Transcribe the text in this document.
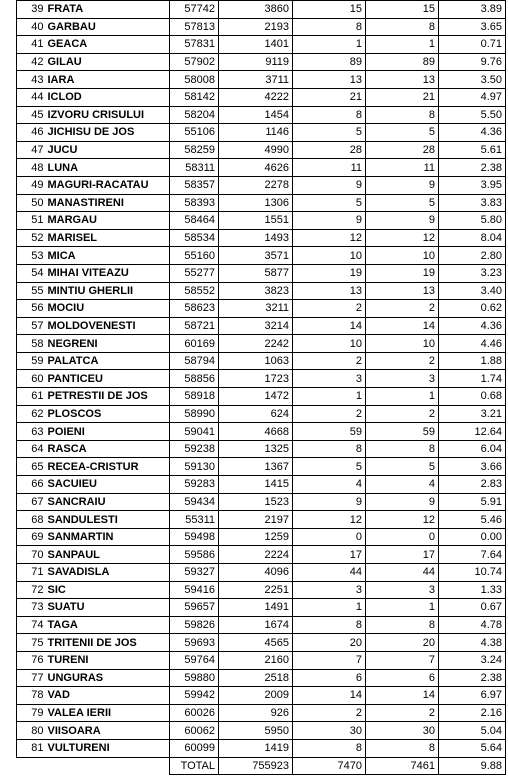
39	FRATA	57742	3860	15	15	3.89
40	GARBAU	57813	2193	8	8	3.65
41	GEACA	57831	1401	1	1	0.71
42	GILAU	57902	9119	89	89	9.76
43	IARA	58008	3711	13	13	3.50
44	ICLOD	58142	4222	21	21	4.97
45	IZVORU CRISULUI	58204	1454	8	8	5.50
46	JICHISU DE JOS	55106	1146	5	5	4.36
47	JUCU	58259	4990	28	28	5.61
48	LUNA	58311	4626	11	11	2.38
49	MAGURI-RACATAU	58357	2278	9	9	3.95
50	MANASTIRENI	58393	1306	5	5	3.83
51	MARGAU	58464	1551	9	9	5.80
52	MARISEL	58534	1493	12	12	8.04
53	MICA	55160	3571	10	10	2.80
54	MIHAI VITEAZU	55277	5877	19	19	3.23
55	MINTIU GHERLII	58552	3823	13	13	3.40
56	MOCIU	58623	3211	2	2	0.62
57	MOLDOVENESTI	58721	3214	14	14	4.36
58	NEGRENI	60169	2242	10	10	4.46
59	PALATCA	58794	1063	2	2	1.88
60	PANTICEU	58856	1723	3	3	1.74
61	PETRESTII DE JOS	58918	1472	1	1	0.68
62	PLOSCOS	58990	624	2	2	3.21
63	POIENI	59041	4668	59	59	12.64
64	RASCA	59238	1325	8	8	6.04
65	RECEA-CRISTUR	59130	1367	5	5	3.66
66	SACUIEU	59283	1415	4	4	2.83
67	SANCRAIU	59434	1523	9	9	5.91
68	SANDULESTI	55311	2197	12	12	5.46
69	SANMARTIN	59498	1259	0	0	0.00
70	SANPAUL	59586	2224	17	17	7.64
71	SAVADISLA	59327	4096	44	44	10.74
72	SIC	59416	2251	3	3	1.33
73	SUATU	59657	1491	1	1	0.67
74	TAGA	59826	1674	8	8	4.78
75	TRITENII DE JOS	59693	4565	20	20	4.38
76	TURENI	59764	2160	7	7	3.24
77	UNGURAS	59880	2518	6	6	2.38
78	VAD	59942	2009	14	14	6.97
79	VALEA IERII	60026	926	2	2	2.16
80	VIISOARA	60062	5950	30	30	5.04
81	VULTURENI	60099	1419	8	8	5.64
		TOTAL	755923	7470	7461	9.88
